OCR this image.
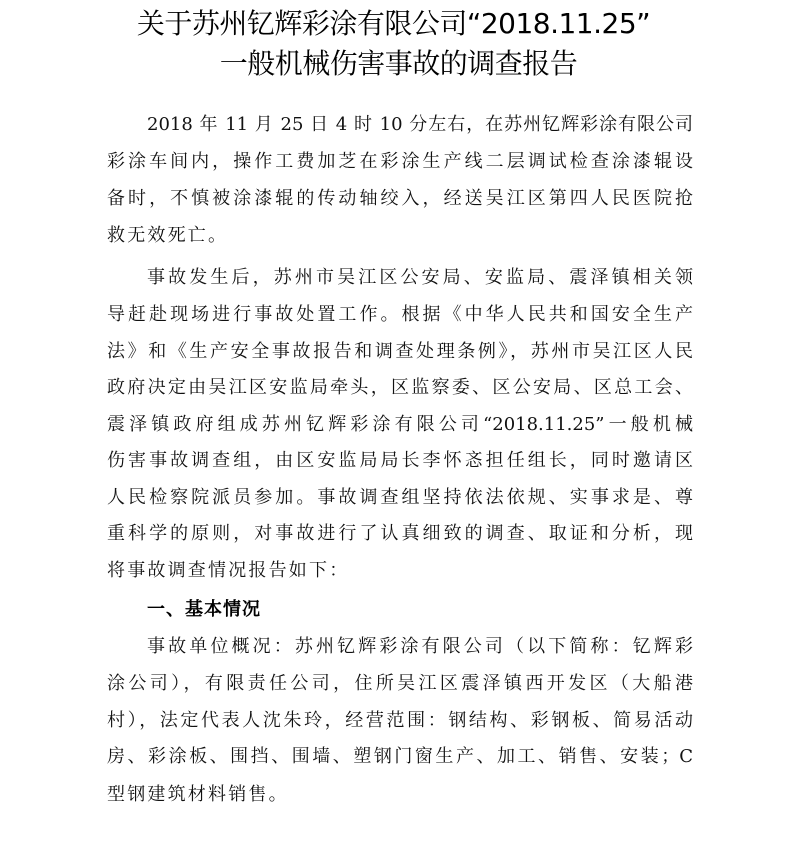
关于苏州钇辉彩涂有限公司“2018.11.25”
一般机械伤害事故的调查报告
2018 年 11 月 25 日 4 时 10 分左右，在苏州钇辉彩涂有限公司
彩涂车间内，操作工费加芝在彩涂生产线二层调试检查涂漆辊设
备时，不慎被涂漆辊的传动轴绞入，经送吴江区第四人民医院抢
救无效死亡。
事故发生后，苏州市吴江区公安局、安监局、震泽镇相关领
导赶赴现场进行事故处置工作。根据《中华人民共和国安全生产
法》和《生产安全事故报告和调查处理条例》，苏州市吴江区人民
政府决定由吴江区安监局牵头，区监察委、区公安局、区总工会、
震泽镇政府组成苏州钇辉彩涂有限公司“2018.11.25”一般机械
伤害事故调查组，由区安监局局长李怀忞担任组长，同时邀请区
人民检察院派员参加。事故调查组坚持依法依规、实事求是、尊
重科学的原则，对事故进行了认真细致的调查、取证和分析，现
将事故调查情况报告如下：
一、基本情况
事故单位概况：苏州钇辉彩涂有限公司（以下简称：钇辉彩
涂公司），有限责任公司，住所吴江区震泽镇西开发区（大船港
村），法定代表人沈朱玲，经营范围：钢结构、彩钢板、简易活动
房、彩涂板、围挡、围墙、塑钢门窗生产、加工、销售、安装；C
型钢建筑材料销售。
